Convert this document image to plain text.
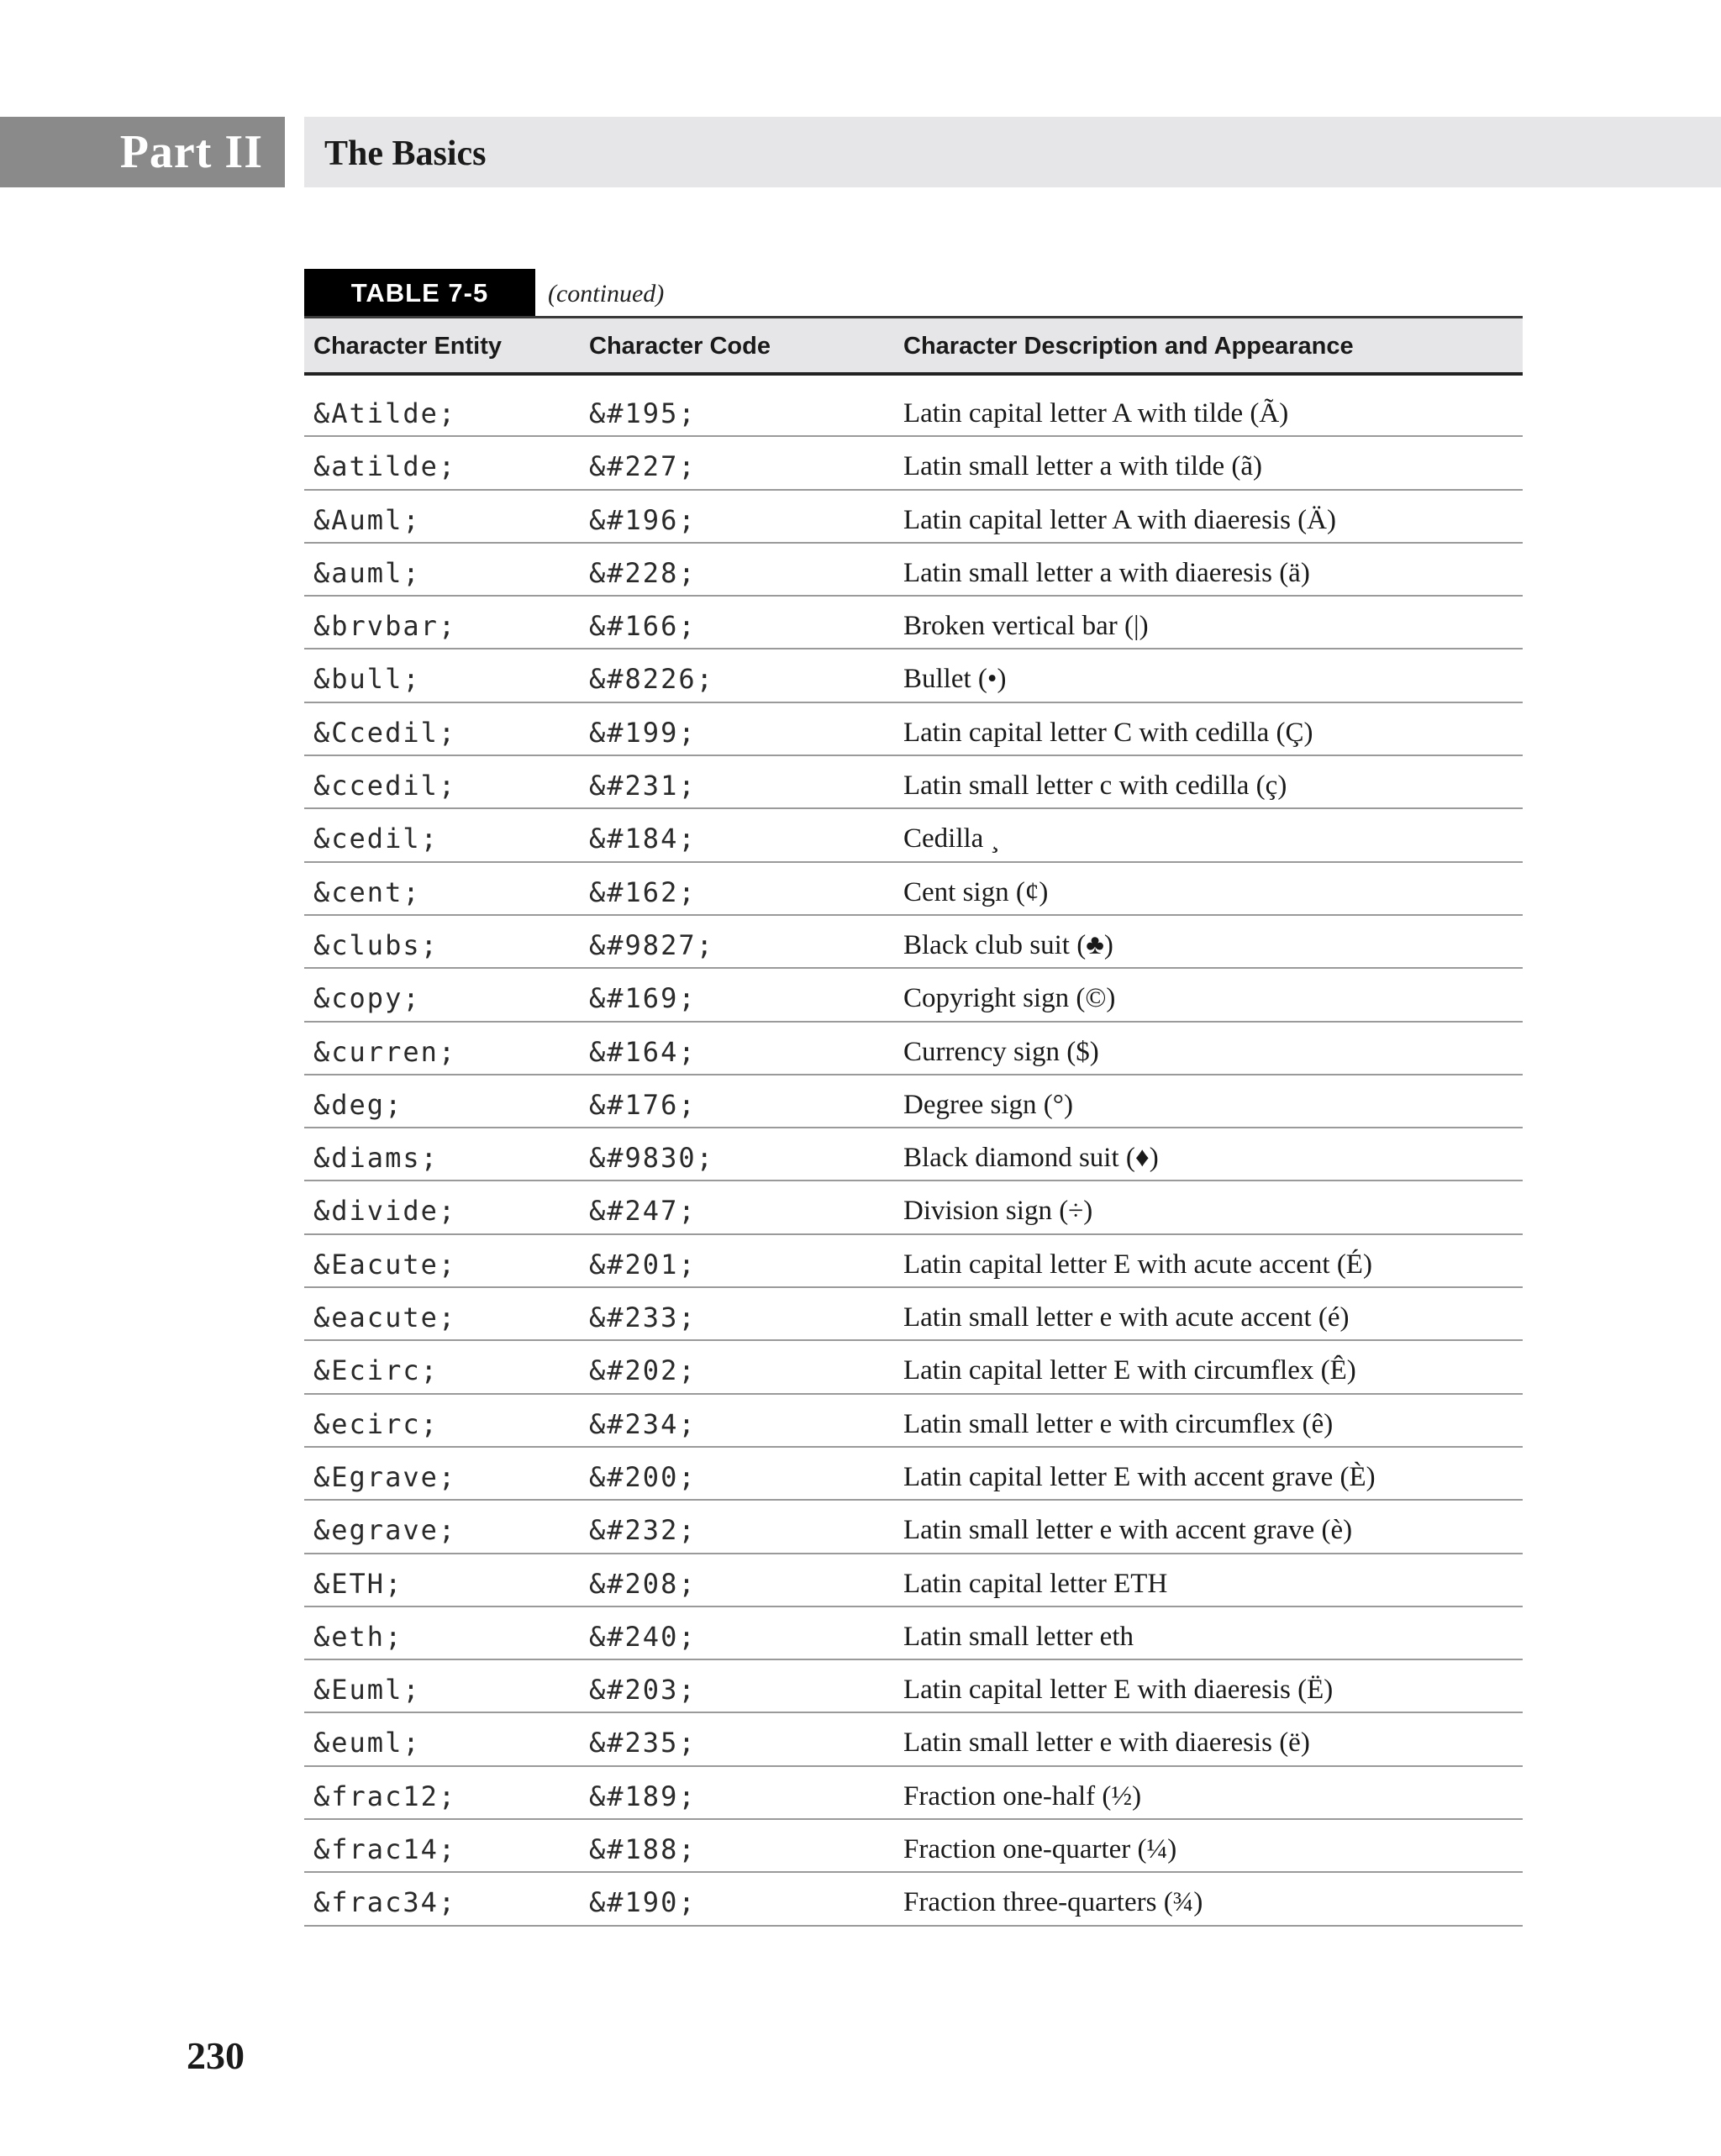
Part II The Basics
TABLE 7-5	(continued)
Character Entity	Character Code	Character Description and Appearance
&Atilde;	&#195;	Latin capital letter A with tilde (Ã)
&atilde;	&#227;	Latin small letter a with tilde (ã)
&Auml;	&#196;	Latin capital letter A with diaeresis (Ä)
&auml;	&#228;	Latin small letter a with diaeresis (ä)
&brvbar;	&#166;	Broken vertical bar (|)
&bull;	&#8226;	Bullet (•)
&Ccedil;	&#199;	Latin capital letter C with cedilla (Ç)
&ccedil;	&#231;	Latin small letter c with cedilla (ç)
&cedil;	&#184;	Cedilla ¸
&cent;	&#162;	Cent sign (¢)
&clubs;	&#9827;	Black club suit (♣)
&copy;	&#169;	Copyright sign (©)
&curren;	&#164;	Currency sign ($)
&deg;	&#176;	Degree sign (°)
&diams;	&#9830;	Black diamond suit (♦)
&divide;	&#247;	Division sign (÷)
&Eacute;	&#201;	Latin capital letter E with acute accent (É)
&eacute;	&#233;	Latin small letter e with acute accent (é)
&Ecirc;	&#202;	Latin capital letter E with circumflex (Ê)
&ecirc;	&#234;	Latin small letter e with circumflex (ê)
&Egrave;	&#200;	Latin capital letter E with accent grave (È)
&egrave;	&#232;	Latin small letter e with accent grave (è)
&ETH;	&#208;	Latin capital letter ETH
&eth;	&#240;	Latin small letter eth
&Euml;	&#203;	Latin capital letter E with diaeresis (Ë)
&euml;	&#235;	Latin small letter e with diaeresis (ë)
&frac12;	&#189;	Fraction one-half (½)
&frac14;	&#188;	Fraction one-quarter (¼)
&frac34;	&#190;	Fraction three-quarters (¾)
230
